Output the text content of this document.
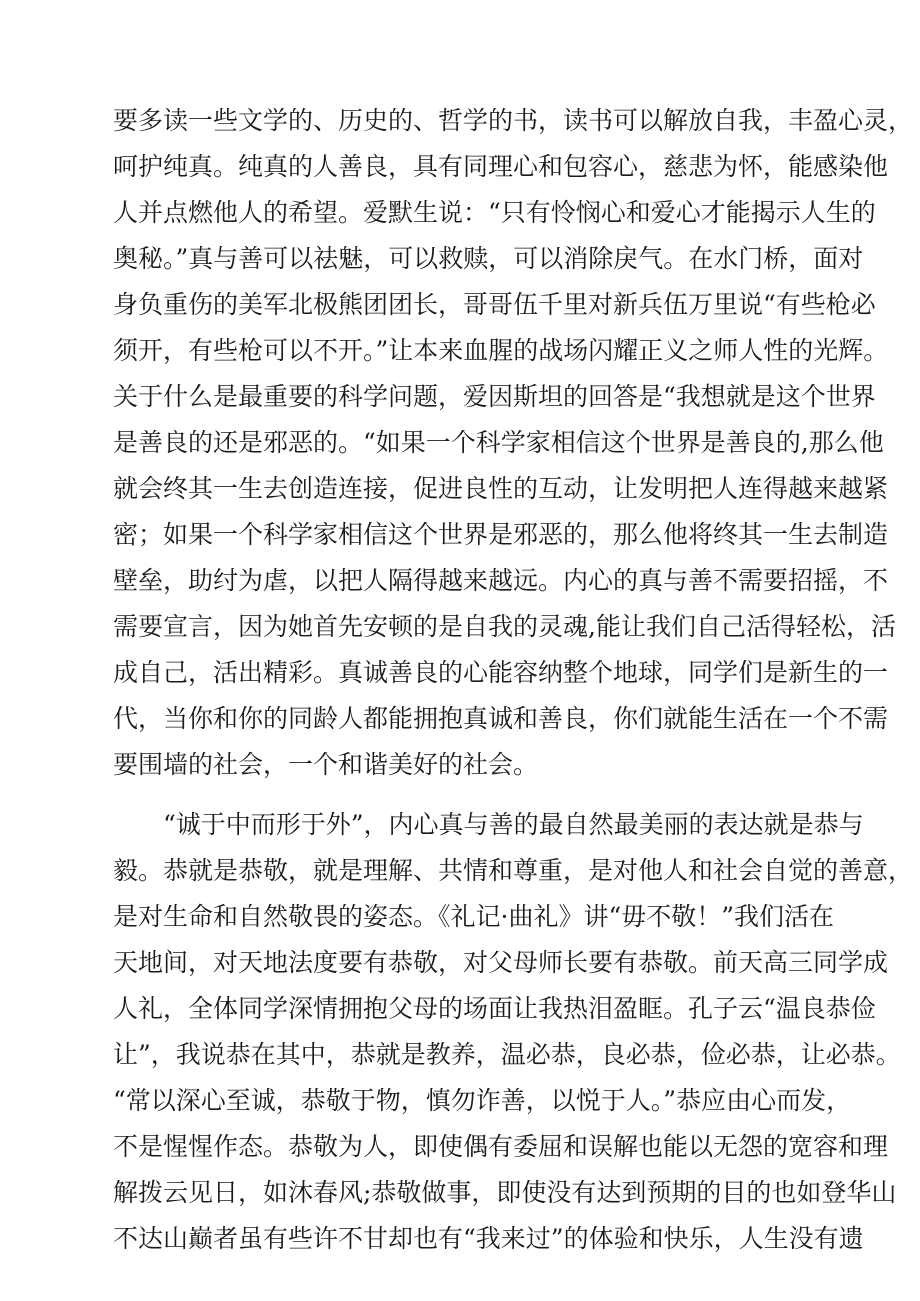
要多读一些文学的、历史的、哲学的书，读书可以解放自我，丰盈心灵，
呵护纯真。纯真的人善良，具有同理心和包容心，慈悲为怀，能感染他
人并点燃他人的希望。爱默生说：“只有怜悯心和爱心才能揭示人生的
奥秘。”真与善可以祛魅，可以救赎，可以消除戾气。在水门桥，面对
身负重伤的美军北极熊团团长，哥哥伍千里对新兵伍万里说“有些枪必
须开，有些枪可以不开。”让本来血腥的战场闪耀正义之师人性的光辉。
关于什么是最重要的科学问题，爱因斯坦的回答是“我想就是这个世界
是善良的还是邪恶的。“如果一个科学家相信这个世界是善良的,那么他
就会终其一生去创造连接，促进良性的互动，让发明把人连得越来越紧
密；如果一个科学家相信这个世界是邪恶的，那么他将终其一生去制造
壁垒，助纣为虐，以把人隔得越来越远。内心的真与善不需要招摇，不
需要宣言，因为她首先安顿的是自我的灵魂,能让我们自己活得轻松，活
成自己，活出精彩。真诚善良的心能容纳整个地球，同学们是新生的一
代，当你和你的同龄人都能拥抱真诚和善良，你们就能生活在一个不需
要围墙的社会，一个和谐美好的社会。
“诚于中而形于外”，内心真与善的最自然最美丽的表达就是恭与
毅。恭就是恭敬，就是理解、共情和尊重，是对他人和社会自觉的善意，
是对生命和自然敬畏的姿态。《礼记·曲礼》讲“毋不敬！”我们活在
天地间，对天地法度要有恭敬，对父母师长要有恭敬。前天高三同学成
人礼，全体同学深情拥抱父母的场面让我热泪盈眶。孔子云“温良恭俭
让”，我说恭在其中，恭就是教养，温必恭，良必恭，俭必恭，让必恭。
“常以深心至诚，恭敬于物，慎勿诈善，以悦于人。”恭应由心而发，
不是惺惺作态。恭敬为人，即使偶有委屈和误解也能以无怨的宽容和理
解拨云见日，如沐春风;恭敬做事，即使没有达到预期的目的也如登华山
不达山巅者虽有些许不甘却也有“我来过”的体验和快乐，人生没有遗
